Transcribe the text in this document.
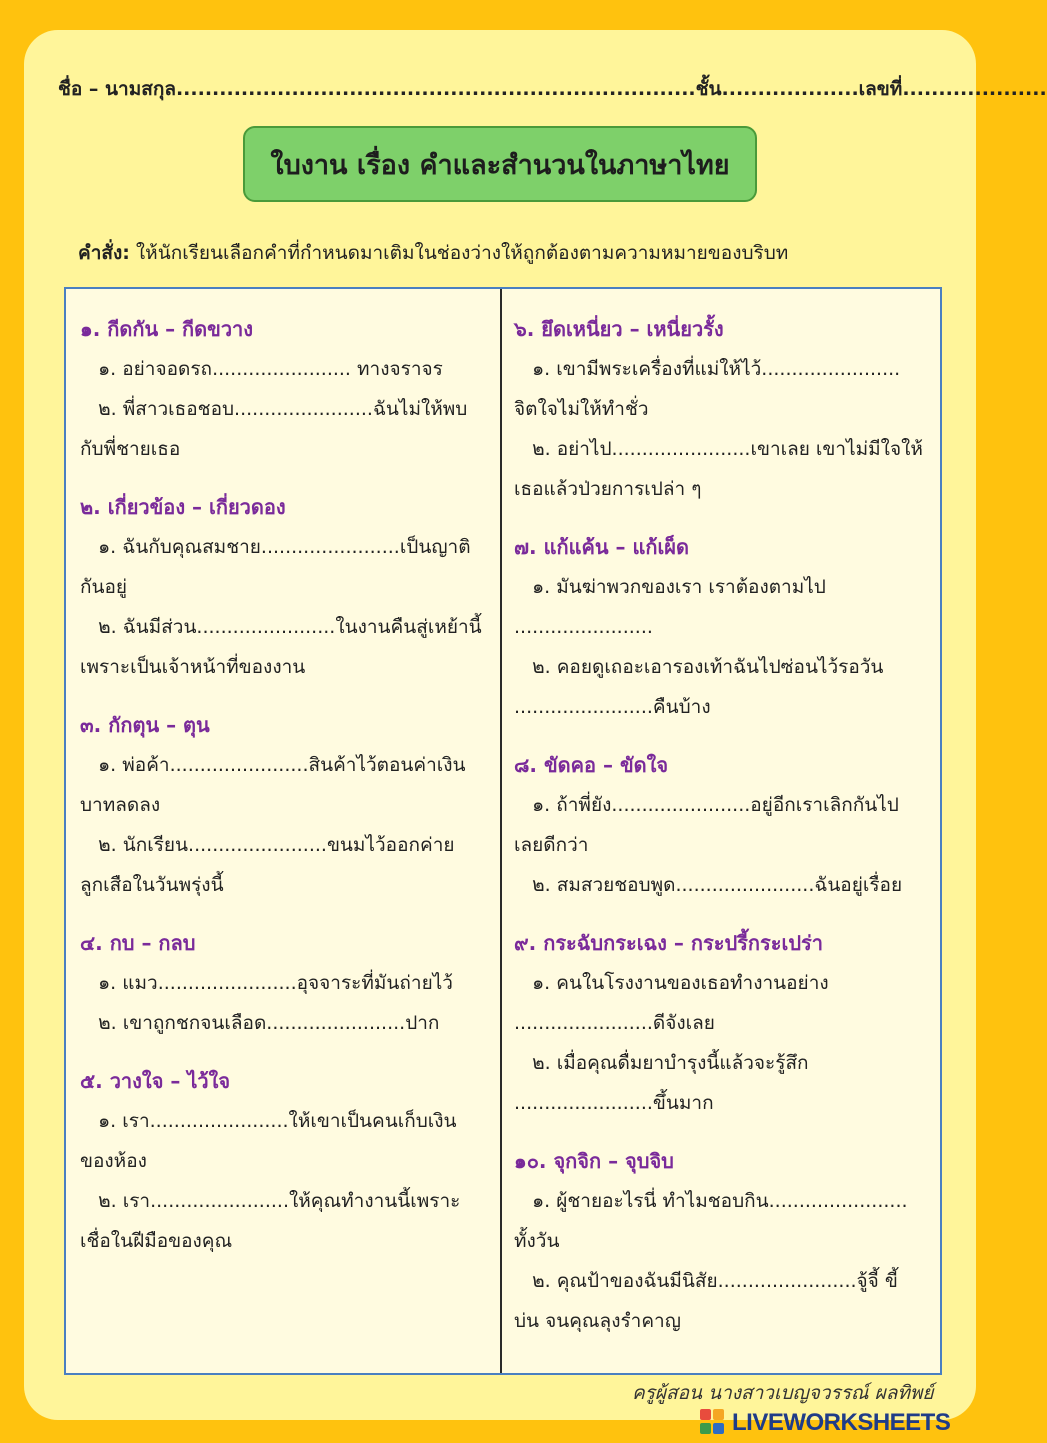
ชื่อ – นามสกุล........................................................................ชั้น...................เลขที่....................
ใบงาน เรื่อง คำและสำนวนในภาษาไทย
คำสั่ง: ให้นักเรียนเลือกคำที่กำหนดมาเติมในช่องว่างให้ถูกต้องตามความหมายของบริบท
๑. กีดกัน – กีดขวาง
๑. อย่าจอดรถ....................... ทางจราจร
๒. พี่สาวเธอชอบ.......................ฉันไม่ให้พบ
กับพี่ชายเธอ
๒. เกี่ยวข้อง – เกี่ยวดอง
๑. ฉันกับคุณสมชาย.......................เป็นญาติ
กันอยู่
๒. ฉันมีส่วน.......................ในงานคืนสู่เหย้านี้
เพราะเป็นเจ้าหน้าที่ของงาน
๓. กักตุน – ตุน
๑. พ่อค้า.......................สินค้าไว้ตอนค่าเงิน
บาทลดลง
๒. นักเรียน.......................ขนมไว้ออกค่าย
ลูกเสือในวันพรุ่งนี้
๔. กบ – กลบ
๑. แมว.......................อุจจาระที่มันถ่ายไว้
๒. เขาถูกชกจนเลือด.......................ปาก
๕. วางใจ – ไว้ใจ
๑. เรา.......................ให้เขาเป็นคนเก็บเงิน
ของห้อง
๒. เรา.......................ให้คุณทำงานนี้เพราะ
เชื่อในฝีมือของคุณ
๖. ยึดเหนี่ยว – เหนี่ยวรั้ง
๑. เขามีพระเครื่องที่แม่ให้ไว้.......................
จิตใจไม่ให้ทำชั่ว
๒. อย่าไป.......................เขาเลย เขาไม่มีใจให้
เธอแล้วป่วยการเปล่า ๆ
๗. แก้แค้น – แก้เผ็ด
๑. มันฆ่าพวกของเรา เราต้องตามไป
.......................
๒. คอยดูเถอะเอารองเท้าฉันไปซ่อนไว้รอวัน
.......................คืนบ้าง
๘. ขัดคอ – ขัดใจ
๑. ถ้าพี่ยัง.......................อยู่อีกเราเลิกกันไป
เลยดีกว่า
๒. สมสวยชอบพูด.......................ฉันอยู่เรื่อย
๙. กระฉับกระเฉง – กระปรี้กระเปร่า
๑. คนในโรงงานของเธอทำงานอย่าง
.......................ดีจังเลย
๒. เมื่อคุณดื่มยาบำรุงนี้แล้วจะรู้สึก
.......................ขึ้นมาก
๑๐. จุกจิก – จุบจิบ
๑. ผู้ชายอะไรนี่ ทำไมชอบกิน.......................
ทั้งวัน
๒. คุณป้าของฉันมีนิสัย.......................จู้จี้ ขี้
บ่น จนคุณลุงรำคาญ
ครูผู้สอน นางสาวเบญจวรรณ์ ผลทิพย์
LIVEWORKSHEETS
